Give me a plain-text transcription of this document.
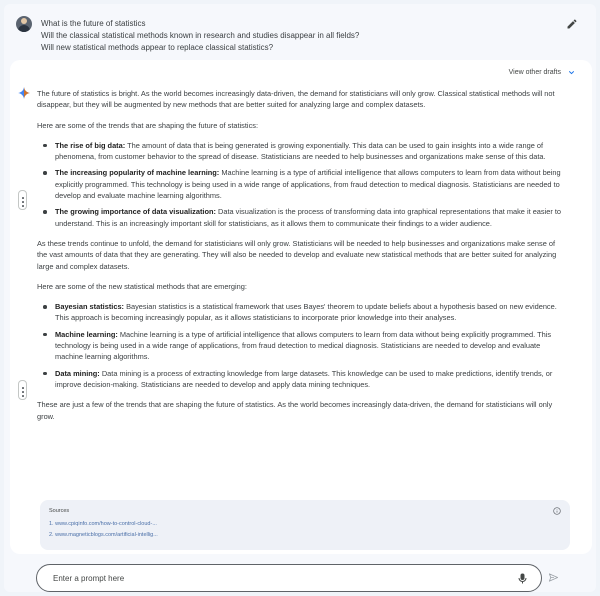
What is the future of statistics
Will the classical statistical methods known in research and studies disappear in all fields?
Will new statistical methods appear to replace classical statistics?
View other drafts

The future of statistics is bright. As the world becomes increasingly data-driven, the demand for statisticians will only grow. Classical statistical methods will not disappear, but they will be augmented by new methods that are better suited for analyzing large and complex datasets.

Here are some of the trends that are shaping the future of statistics:

The rise of big data: The amount of data that is being generated is growing exponentially. This data can be used to gain insights into a wide range of phenomena, from customer behavior to the spread of disease. Statisticians are needed to help businesses and organizations make sense of this data.
The increasing popularity of machine learning: Machine learning is a type of artificial intelligence that allows computers to learn from data without being explicitly programmed. This technology is being used in a wide range of applications, from fraud detection to medical diagnosis. Statisticians are needed to develop and evaluate machine learning algorithms.
The growing importance of data visualization: Data visualization is the process of transforming data into graphical representations that make it easier to understand. This is an increasingly important skill for statisticians, as it allows them to communicate their findings to a wider audience.

As these trends continue to unfold, the demand for statisticians will only grow. Statisticians will be needed to help businesses and organizations make sense of the vast amounts of data that they are generating. They will also be needed to develop and evaluate new statistical methods that are better suited for analyzing large and complex datasets.

Here are some of the new statistical methods that are emerging:

Bayesian statistics: Bayesian statistics is a statistical framework that uses Bayes' theorem to update beliefs about a hypothesis based on new evidence. This approach is becoming increasingly popular, as it allows statisticians to incorporate prior knowledge into their analyses.
Machine learning: Machine learning is a type of artificial intelligence that allows computers to learn from data without being explicitly programmed. This technology is being used in a wide range of applications, from fraud detection to medical diagnosis. Statisticians are needed to develop and evaluate machine learning algorithms.
Data mining: Data mining is a process of extracting knowledge from large datasets. This knowledge can be used to make predictions, identify trends, or improve decision-making. Statisticians are needed to develop and apply data mining techniques.

These are just a few of the trends that are shaping the future of statistics. As the world becomes increasingly data-driven, the demand for statisticians will only grow.

Sources
1. www.cpiqinfo.com/how-to-control-cloud-...
2. www.magneticblogs.com/artificial-intellig...
Enter a prompt here
